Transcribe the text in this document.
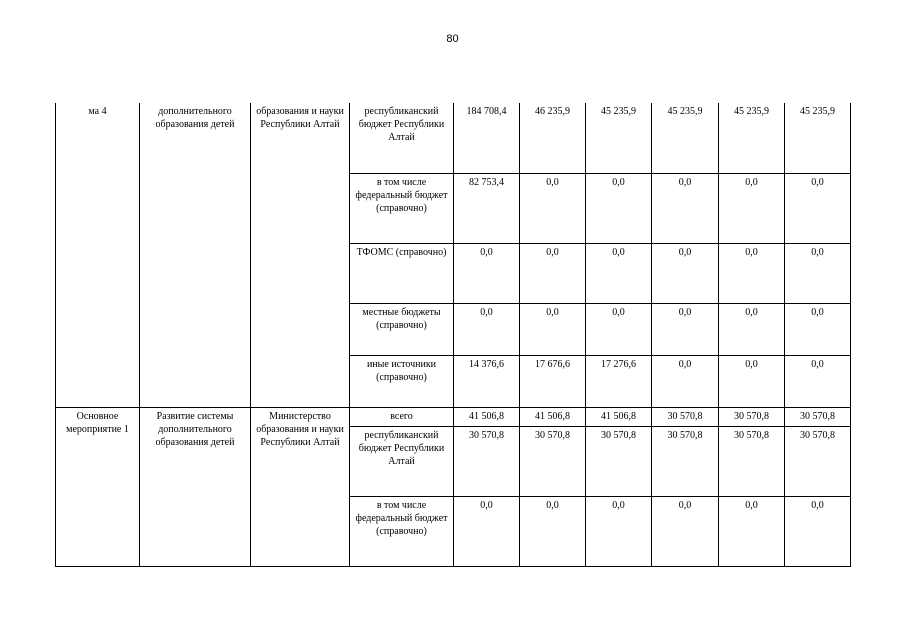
80
ма 4	дополнительного образования детей	образования и науки Республики Алтай	республиканский бюджет Республики Алтай	184 708,4	46 235,9	45 235,9	45 235,9	45 235,9	45 235,9
			в том числе федеральный бюджет (справочно)	82 753,4	0,0	0,0	0,0	0,0	0,0
			ТФОМС (справочно)	0,0	0,0	0,0	0,0	0,0	0,0
			местные бюджеты (справочно)	0,0	0,0	0,0	0,0	0,0	0,0
			иные источники (справочно)	14 376,6	17 676,6	17 276,6	0,0	0,0	0,0
Основное мероприятие 1	Развитие системы дополнительного образования детей	Министерство образования и науки Республики Алтай	всего	41 506,8	41 506,8	41 506,8	30 570,8	30 570,8	30 570,8
			республиканский бюджет Республики Алтай	30 570,8	30 570,8	30 570,8	30 570,8	30 570,8	30 570,8
			в том числе федеральный бюджет (справочно)	0,0	0,0	0,0	0,0	0,0	0,0
